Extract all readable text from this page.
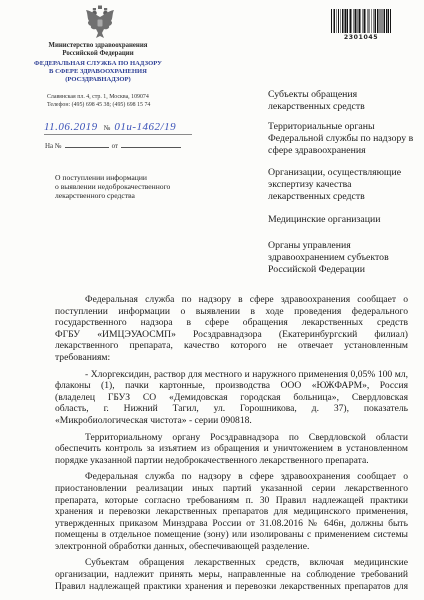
Министерство здравоохранения
Российской Федерации
ФЕДЕРАЛЬНАЯ СЛУЖБА ПО НАДЗОРУ
В СФЕРЕ ЗДРАВООХРАНЕНИЯ
(РОСЗДРАВНАДЗОР)
Славянская пл. 4, стр. 1, Москва, 109074
Телефон: (495) 698 45 38; (495) 698 15 74
11.06.2019 № 01и-1462/19
На №	от
2301045
Субъекты обращения
лекарственных средств
Территориальные органы
Федеральной службы по надзору в
сфере здравоохранения
Организации, осуществляющие
экспертизу качества
лекарственных средств
Медицинские организации
Органы управления
здравоохранением субъектов
Российской Федерации
О поступлении информации
о выявлении недоброкачественного
лекарственного средства
Федеральная служба по надзору в сфере здравоохранения сообщает о
поступлении информации о выявлении в ходе проведения федерального
государственного надзора в сфере обращения лекарственных средств
ФГБУ «ИМЦЭУАОСМП» Росздравнадзора (Екатеринбургский филиал)
лекарственного препарата, качество которого не отвечает установленным
требованиям:
- Хлоргексидин, раствор для местного и наружного применения 0,05% 100 мл,
флаконы (1), пачки картонные, производства ООО «ЮЖФАРМ», Россия
(владелец ГБУЗ СО «Демидовская городская больница», Свердловская
область, г. Нижний Тагил, ул. Горошникова, д. 37), показатель
«Микробиологическая чистота» - серии 090818.
Территориальному органу Росздравнадзора по Свердловской области
обеспечить контроль за изъятием из обращения и уничтожением в установленном
порядке указанной партии недоброкачественного лекарственного препарата.
Федеральная служба по надзору в сфере здравоохранения сообщает о
приостановлении реализации иных партий указанной серии лекарственного
препарата, которые согласно требованиям п. 30 Правил надлежащей практики
хранения и перевозки лекарственных препаратов для медицинского применения,
утвержденных приказом Минздрава России от 31.08.2016 № 646н, должны быть
помещены в отдельное помещение (зону) или изолированы с применением системы
электронной обработки данных, обеспечивающей разделение.
Субъектам обращения лекарственных средств, включая медицинские
организации, надлежит принять меры, направленные на соблюдение требований
Правил надлежащей практики хранения и перевозки лекарственных препаратов для
